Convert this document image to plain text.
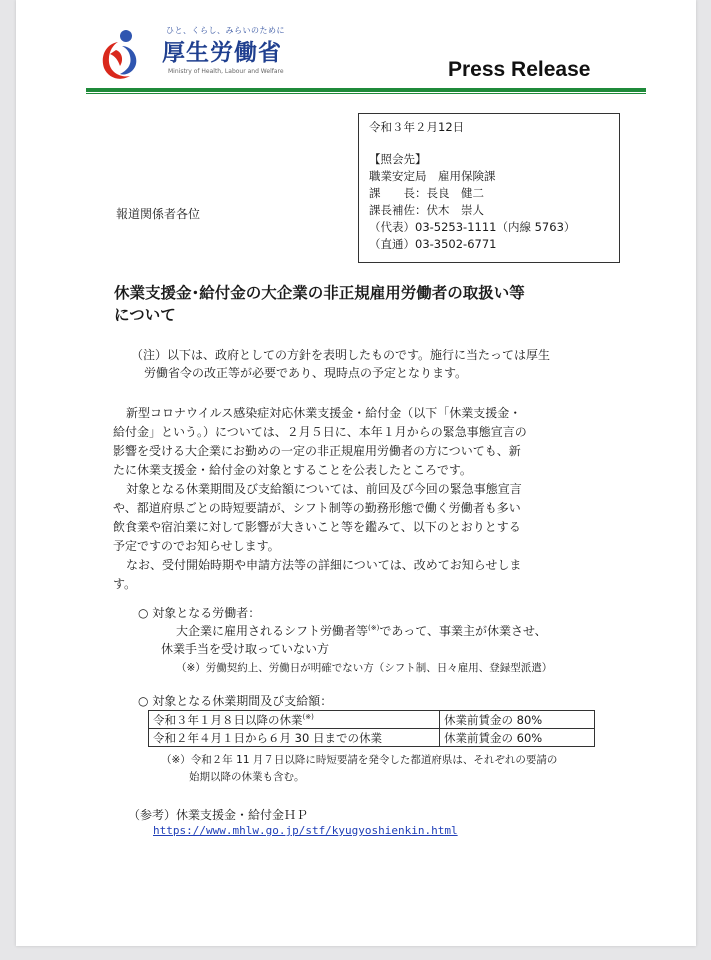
ひと、くらし、みらいのために
厚生労働省
Ministry of Health, Labour and Welfare	Press Release
令和３年２月12日
【照会先】
職業安定局　雇用保険課
課　　長：長良　健二
課長補佐：伏木　崇人
（代表）03-5253-1111（内線 5763）
（直通）03-3502-6771
報道関係者各位
休業支援金･給付金の大企業の非正規雇用労働者の取扱い等
について
（注）以下は、政府としての方針を表明したものです。施行に当たっては厚生
労働省令の改正等が必要であり、現時点の予定となります。
新型コロナウイルス感染症対応休業支援金・給付金（以下「休業支援金・
給付金」という。）については、２月５日に、本年１月からの緊急事態宣言の
影響を受ける大企業にお勤めの一定の非正規雇用労働者の方についても、新
たに休業支援金・給付金の対象とすることを公表したところです。
対象となる休業期間及び支給額については、前回及び今回の緊急事態宣言
や、都道府県ごとの時短要請が、シフト制等の勤務形態で働く労働者も多い
飲食業や宿泊業に対して影響が大きいこと等を鑑みて、以下のとおりとする
予定ですのでお知らせします。
なお、受付開始時期や申請方法等の詳細については、改めてお知らせしま
す。
○ 対象となる労働者：
大企業に雇用されるシフト労働者等(※)であって、事業主が休業させ、
休業手当を受け取っていない方
（※）労働契約上、労働日が明確でない方（シフト制、日々雇用、登録型派遣）
○ 対象となる休業期間及び支給額：
令和３年１月８日以降の休業(※)	休業前賃金の 80%
令和２年４月１日から６月 30 日までの休業	休業前賃金の 60%
（※）令和２年 11 月７日以降に時短要請を発令した都道府県は、それぞれの要請の
始期以降の休業も含む。
（参考）休業支援金・給付金ＨＰ
https://www.mhlw.go.jp/stf/kyugyoshienkin.html
